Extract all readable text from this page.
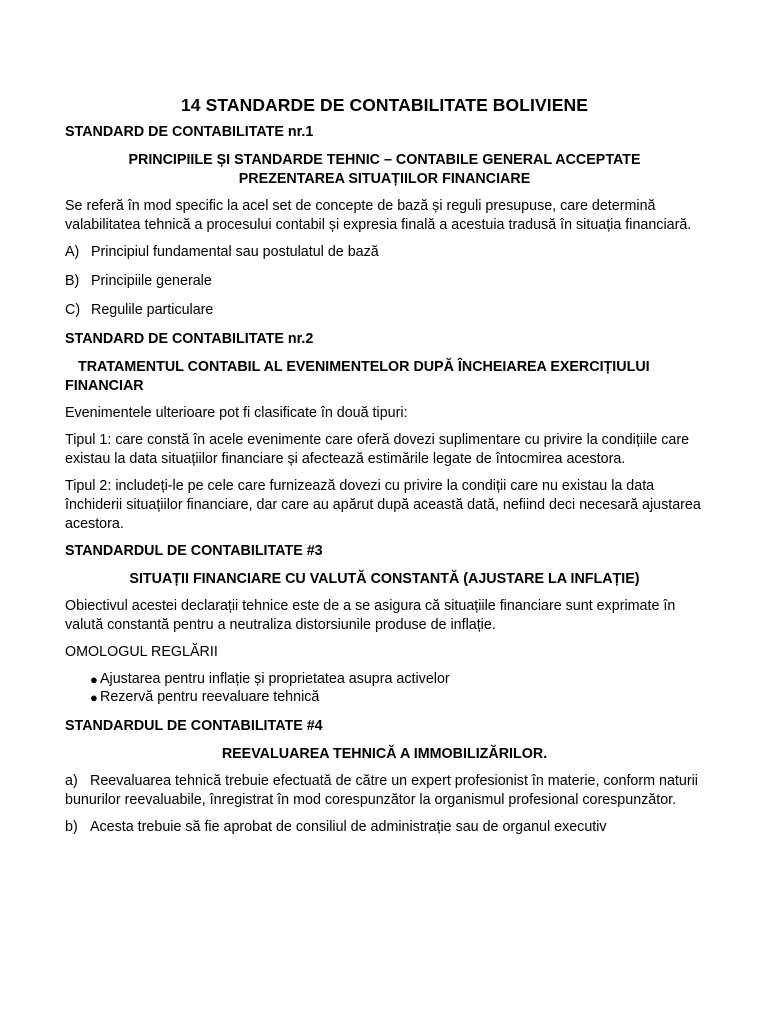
14 STANDARDE DE CONTABILITATE BOLIVIENE
STANDARD DE CONTABILITATE nr.1
PRINCIPIILE ȘI STANDARDE TEHNIC – CONTABILE GENERAL ACCEPTATE
PREZENTAREA SITUAȚIILOR FINANCIARE

Se referă în mod specific la acel set de concepte de bază și reguli presupuse, care determină valabilitatea tehnică a procesului contabil și expresia finală a acestuia tradusă în situația financiară.

A) Principiul fundamental sau postulatul de bază
B) Principiile generale
C) Regulile particulare
STANDARD DE CONTABILITATE nr.2
TRATAMENTUL CONTABIL AL EVENIMENTELOR DUPĂ ÎNCHEIAREA EXERCIȚIULUI
FINANCIAR

Evenimentele ulterioare pot fi clasificate în două tipuri:

Tipul 1: care constă în acele evenimente care oferă dovezi suplimentare cu privire la condițiile care existau la data situațiilor financiare și afectează estimările legate de întocmirea acestora.

Tipul 2: includeți-le pe cele care furnizează dovezi cu privire la condiții care nu existau la data închiderii situațiilor financiare, dar care au apărut după această dată, nefiind deci necesară ajustarea acestora.

STANDARDUL DE CONTABILITATE #3
SITUAȚII FINANCIARE CU VALUTĂ CONSTANTĂ (AJUSTARE LA INFLAȚIE)

Obiectivul acestei declarații tehnice este de a se asigura că situațiile financiare sunt exprimate în valută constantă pentru a neutraliza distorsiunile produse de inflație.

OMOLOGUL REGLĂRII

● Ajustarea pentru inflație și proprietatea asupra activelor
● Rezervă pentru reevaluare tehnică
STANDARDUL DE CONTABILITATE #4
REEVALUAREA TEHNICĂ A IMMOBILIZĂRILOR.

a) Reevaluarea tehnică trebuie efectuată de către un expert profesionist în materie, conform naturii bunurilor reevaluabile, înregistrat în mod corespunzător la organismul profesional corespunzător.

b) Acesta trebuie să fie aprobat de consiliul de administrație sau de organul executiv
